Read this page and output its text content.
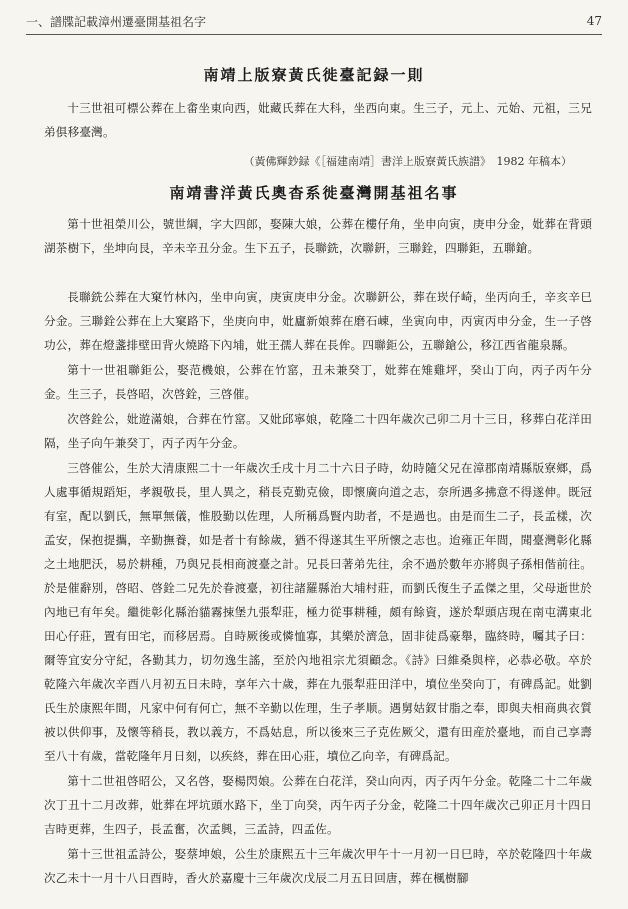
一、譜牒記載漳州遷臺開基祖名字	47
南靖上版寮黃氏徙臺記録一則
十三世祖可標公葬在上畬坐東向西，妣藏氏葬在大科，坐西向東。生三子，元上、元始、元祖，三兄弟俱移臺灣。
（黃佛輝鈔録《［福建南靖］書洋上版寮黃氏族譜》　1982 年稿本）
南靖書洋黃氏奧杳系徙臺灣開基祖名事
第十世祖榮川公，號世綱，字大四郎，娶陳大娘，公葬在樓仔角，坐申向寅，庚申分金，妣葬在背頭湖茶樹下，坐坤向艮，辛未辛丑分金。生下五子，長聯銑，次聯銒，三聯銓，四聯鉅，五聯鎗。
長聯銑公葬在大窠竹林內，坐申向寅，庚寅庚申分金。次聯銒公，葬在崁仔崎，坐丙向壬，辛亥辛巳分金。三聯銓公葬在上大窠路下，坐庚向申，妣廬新娘葬在磨石崠，坐寅向申，丙寅丙申分金，生一子啓功公，葬在燈盞排壁田背火燒路下內埔，妣王孺人葬在長侔。四聯鉅公，五聯鎗公，移江西省龍泉縣。
第十一世祖聯鉅公，娶范機娘，公葬在竹窰，丑未兼癸丁，妣葬在雉雞坪，癸山丁向，丙子丙午分金。生三子，長啓昭，次啓銓，三啓催。
次啓銓公，妣遊滿娘，合葬在竹窰。又妣邱寧娘，乾隆二十四年歲次己卯二月十三日，移葬白花洋田隔，坐子向午兼癸丁，丙子丙午分金。
三啓催公，生於大清康熙二十一年歲次壬戌十月二十六日子時，幼時隨父兄在漳郡南靖縣版寮鄉，爲人處事循規蹈矩，孝親敬長，里人異之，稍長克勤克儉，即懷廣向道之志，奈所遇多拂意不得遂伸。既冠有室，配以劉氏，無單無儀，惟股勤以佐理，人所稱爲賢内助者，不是過也。由是而生二子，長孟樣，次孟安，保抱提攜，辛勤撫養，如是者十有餘歲，猶不得遂其生平所懷之志也。迨雍正年間，聞臺灣彰化縣之土地肥沃，易於耕種，乃與兄長相商渡臺之計。兄長曰著弟先往，余不過於數年亦將與子孫相偕前往。於是催辭別，啓昭、啓銓二兄先於眷渡臺，初往諸羅縣治大埔村莊，而劉氏復生子孟傑之里，父母逝世於內地已有年矣。繼徙彰化縣治貓霧捒堡九張犁莊，極力從事耕種，頗有餘資，遂於犁頭店現在南屯溝東北田心仔莊，置有田宅，而移居焉。自時厥後或憐恤寡，其樂於濟急，固非徒爲豪舉，臨終時，囑其子曰：爾等宜安分守紀，各勤其力，切勿逸生謠，至於內地祖宗尤須顧念。《詩》曰維桑與梓，必恭必敬。卒於乾隆六年歲次辛酉八月初五日未時，享年六十歲，葬在九張犁莊田洋中，墳位坐癸向丁，有碑爲記。妣劉氏生於康熙年間，凡家中何有何亡，無不辛勤以佐理，生子孝顺。遇舅姑釵甘脂之奉，即與夫相商典衣質被以供仰事，及懷等稍長，教以義方，不爲姑息，所以後來三子克佐厥父，還有田産於臺地，而自己享壽至八十有歲，當乾隆年月日刻，以疾終，葬在田心莊，墳位乙向辛，有碑爲記。
第十二世祖啓昭公，又名啓，娶楊閃娘。公葬在白花洋，癸山向丙，丙子丙午分金。乾隆二十二年歲次丁丑十二月改葬，妣葬在坪坑頭水路下，坐丁向癸，丙午丙子分金，乾隆二十四年歲次己卯正月十四日吉時更葬，生四子，長孟奮，次孟興，三孟詩，四孟佐。
第十三世祖孟詩公，娶蔡坤娘，公生於康熙五十三年歲次甲午十一月初一日巳時，卒於乾隆四十年歲次乙未十一月十八日酉時，香火於嘉慶十三年歲次戊辰二月五日回唐，葬在楓樹腳
